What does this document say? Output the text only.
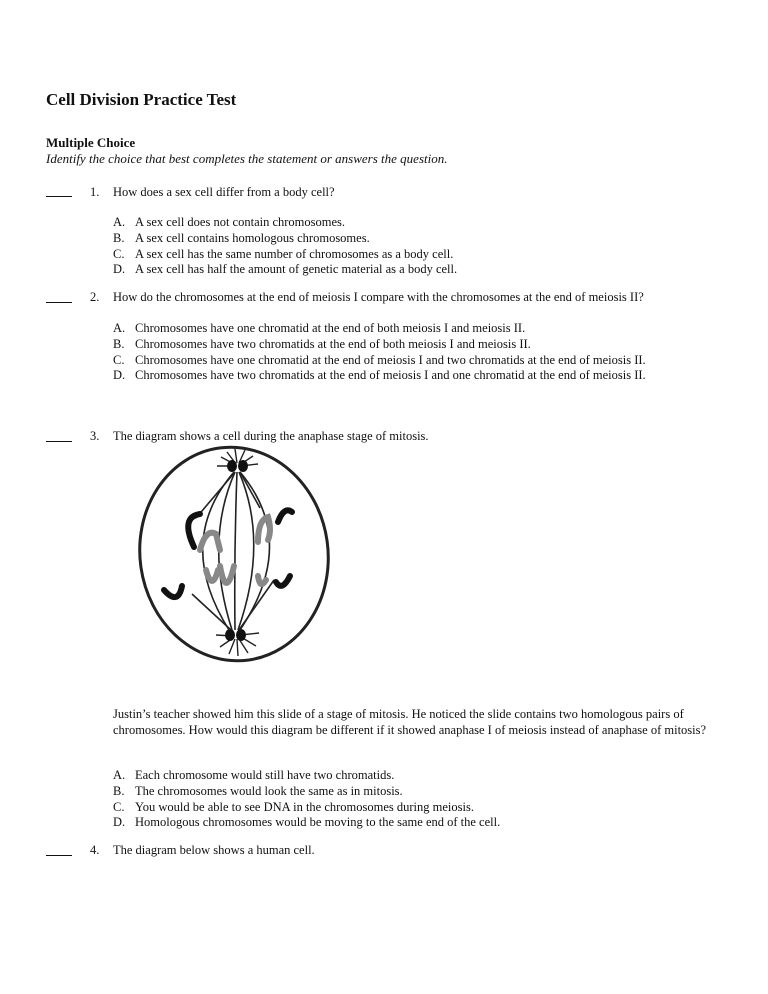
Cell Division Practice Test
Multiple Choice
Identify the choice that best completes the statement or answers the question.
1. How does a sex cell differ from a body cell?
A. A sex cell does not contain chromosomes.
B. A sex cell contains homologous chromosomes.
C. A sex cell has the same number of chromosomes as a body cell.
D. A sex cell has half the amount of genetic material as a body cell.
2. How do the chromosomes at the end of meiosis I compare with the chromosomes at the end of meiosis II?
A. Chromosomes have one chromatid at the end of both meiosis I and meiosis II.
B. Chromosomes have two chromatids at the end of both meiosis I and meiosis II.
C. Chromosomes have one chromatid at the end of meiosis I and two chromatids at the end of meiosis II.
D. Chromosomes have two chromatids at the end of meiosis I and one chromatid at the end of meiosis II.
3. The diagram shows a cell during the anaphase stage of mitosis.
Justin’s teacher showed him this slide of a stage of mitosis. He noticed the slide contains two homologous pairs of chromosomes. How would this diagram be different if it showed anaphase I of meiosis instead of anaphase of mitosis?
A. Each chromosome would still have two chromatids.
B. The chromosomes would look the same as in mitosis.
C. You would be able to see DNA in the chromosomes during meiosis.
D. Homologous chromosomes would be moving to the same end of the cell.
4. The diagram below shows a human cell.
